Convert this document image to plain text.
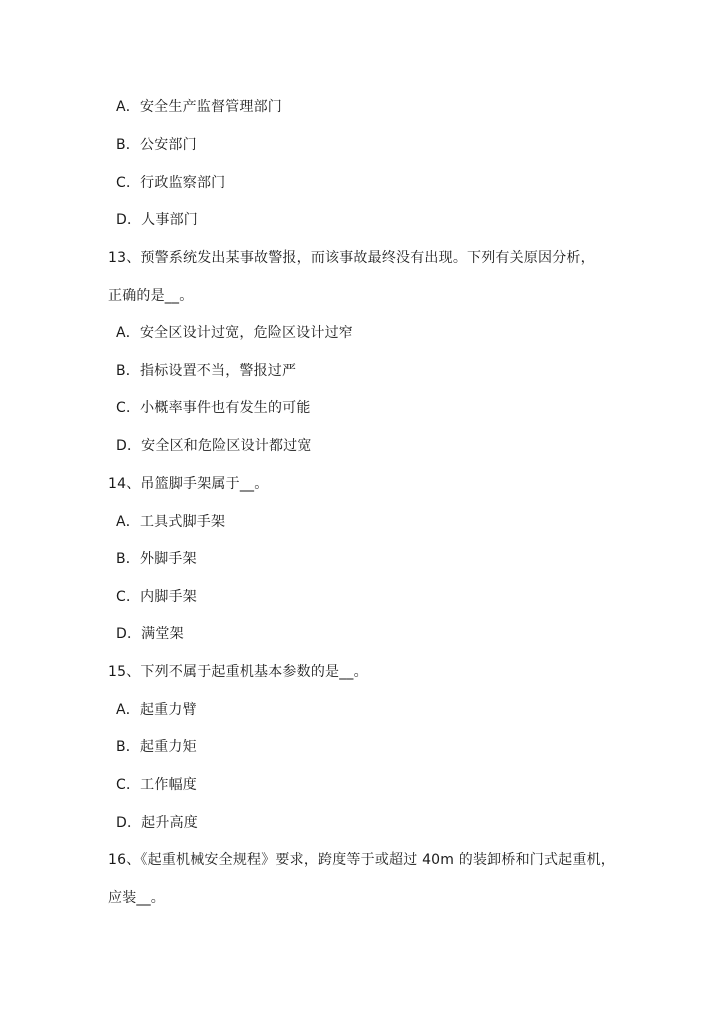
A．安全生产监督管理部门
B．公安部门
C．行政监察部门
D．人事部门
13、预警系统发出某事故警报，而该事故最终没有出现。下列有关原因分析，
正确的是__。
A．安全区设计过宽，危险区设计过窄
B．指标设置不当，警报过严
C．小概率事件也有发生的可能
D．安全区和危险区设计都过宽
14、吊篮脚手架属于__。
A．工具式脚手架
B．外脚手架
C．内脚手架
D．满堂架
15、下列不属于起重机基本参数的是__。
A．起重力臂
B．起重力矩
C．工作幅度
D．起升高度
16、《起重机械安全规程》要求，跨度等于或超过 40m 的装卸桥和门式起重机，
应装__。
